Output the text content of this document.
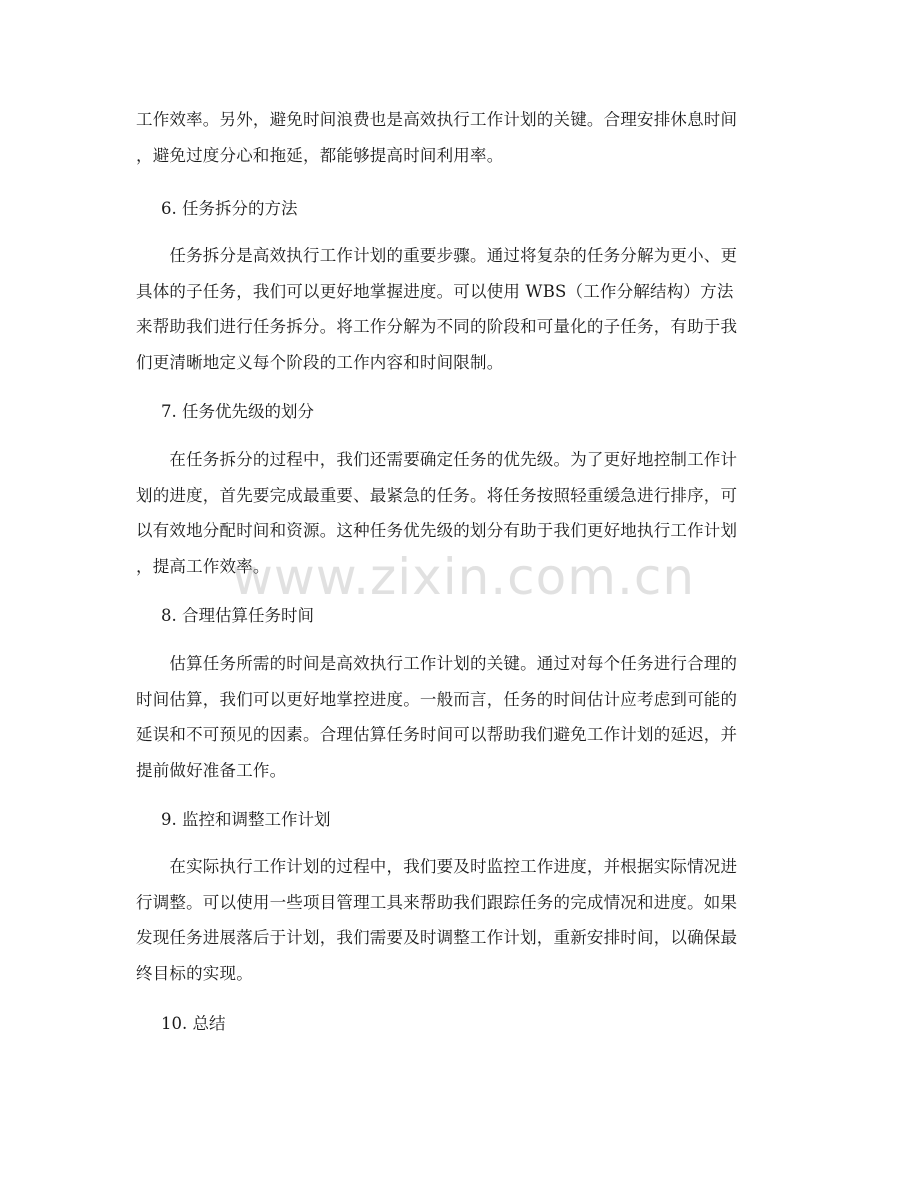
工作效率。另外，避免时间浪费也是高效执行工作计划的关键。合理安排休息时间
，避免过度分心和拖延，都能够提高时间利用率。

6. 任务拆分的方法

　　任务拆分是高效执行工作计划的重要步骤。通过将复杂的任务分解为更小、更
具体的子任务，我们可以更好地掌握进度。可以使用 WBS（工作分解结构）方法
来帮助我们进行任务拆分。将工作分解为不同的阶段和可量化的子任务，有助于我
们更清晰地定义每个阶段的工作内容和时间限制。

7. 任务优先级的划分

　　在任务拆分的过程中，我们还需要确定任务的优先级。为了更好地控制工作计
划的进度，首先要完成最重要、最紧急的任务。将任务按照轻重缓急进行排序，可
以有效地分配时间和资源。这种任务优先级的划分有助于我们更好地执行工作计划
，提高工作效率。

8. 合理估算任务时间

　　估算任务所需的时间是高效执行工作计划的关键。通过对每个任务进行合理的
时间估算，我们可以更好地掌控进度。一般而言，任务的时间估计应考虑到可能的
延误和不可预见的因素。合理估算任务时间可以帮助我们避免工作计划的延迟，并
提前做好准备工作。

9. 监控和调整工作计划

　　在实际执行工作计划的过程中，我们要及时监控工作进度，并根据实际情况进
行调整。可以使用一些项目管理工具来帮助我们跟踪任务的完成情况和进度。如果
发现任务进展落后于计划，我们需要及时调整工作计划，重新安排时间，以确保最
终目标的实现。

10. 总结

www.zixin.com.cn
